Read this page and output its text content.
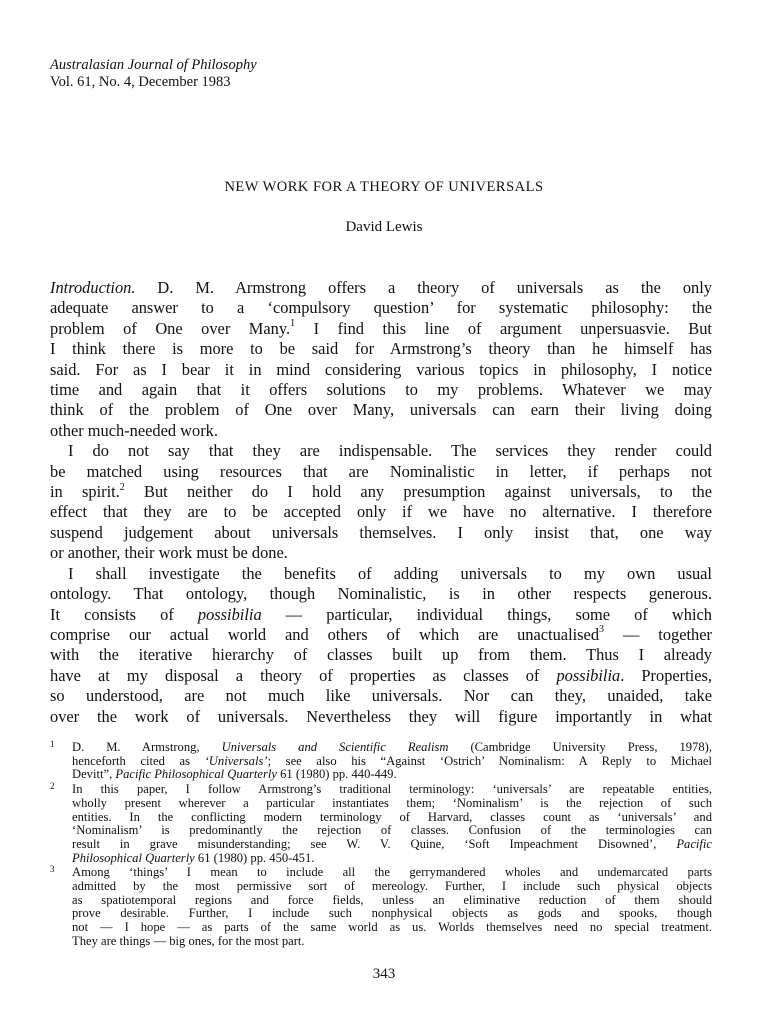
Australasian Journal of Philosophy
Vol. 61, No. 4, December 1983
NEW WORK FOR A THEORY OF UNIVERSALS
David Lewis
Introduction. D. M. Armstrong offers a theory of universals as the only
adequate answer to a ‘compulsory question’ for systematic philosophy: the
problem of One over Many.$^1$ I find this line of argument unpersuasvie. But
I think there is more to be said for Armstrong’s theory than he himself has
said. For as I bear it in mind considering various topics in philosophy, I notice
time and again that it offers solutions to my problems. Whatever we may
think of the problem of One over Many, universals can earn their living doing
other much-needed work.
I do not say that they are indispensable. The services they render could
be matched using resources that are Nominalistic in letter, if perhaps not
in spirit.$^2$ But neither do I hold any presumption against universals, to the
effect that they are to be accepted only if we have no alternative. I therefore
suspend judgement about universals themselves. I only insist that, one way
or another, their work must be done.
I shall investigate the benefits of adding universals to my own usual
ontology. That ontology, though Nominalistic, is in other respects generous.
It consists of possibilia — particular, individual things, some of which
comprise our actual world and others of which are unactualised$^3$ — together
with the iterative hierarchy of classes built up from them. Thus I already
have at my disposal a theory of properties as classes of possibilia. Properties,
so understood, are not much like universals. Nor can they, unaided, take
over the work of universals. Nevertheless they will figure importantly in what
1 D. M. Armstrong, Universals and Scientific Realism (Cambridge University Press, 1978),
henceforth cited as ‘Universals’; see also his “Against ‘Ostrich’ Nominalism: A Reply to Michael
Devitt”, Pacific Philosophical Quarterly 61 (1980) pp. 440-449.
2 In this paper, I follow Armstrong’s traditional terminology: ‘universals’ are repeatable entities,
wholly present wherever a particular instantiates them; ‘Nominalism’ is the rejection of such
entities. In the conflicting modern terminology of Harvard, classes count as ‘universals’ and
‘Nominalism’ is predominantly the rejection of classes. Confusion of the terminologies can
result in grave misunderstanding; see W. V. Quine, ‘Soft Impeachment Disowned’, Pacific
Philosophical Quarterly 61 (1980) pp. 450-451.
3 Among ‘things’ I mean to include all the gerrymandered wholes and undemarcated parts
admitted by the most permissive sort of mereology. Further, I include such physical objects
as spatiotemporal regions and force fields, unless an eliminative reduction of them should
prove desirable. Further, I include such nonphysical objects as gods and spooks, though
not — I hope — as parts of the same world as us. Worlds themselves need no special treatment.
They are things — big ones, for the most part.
343
